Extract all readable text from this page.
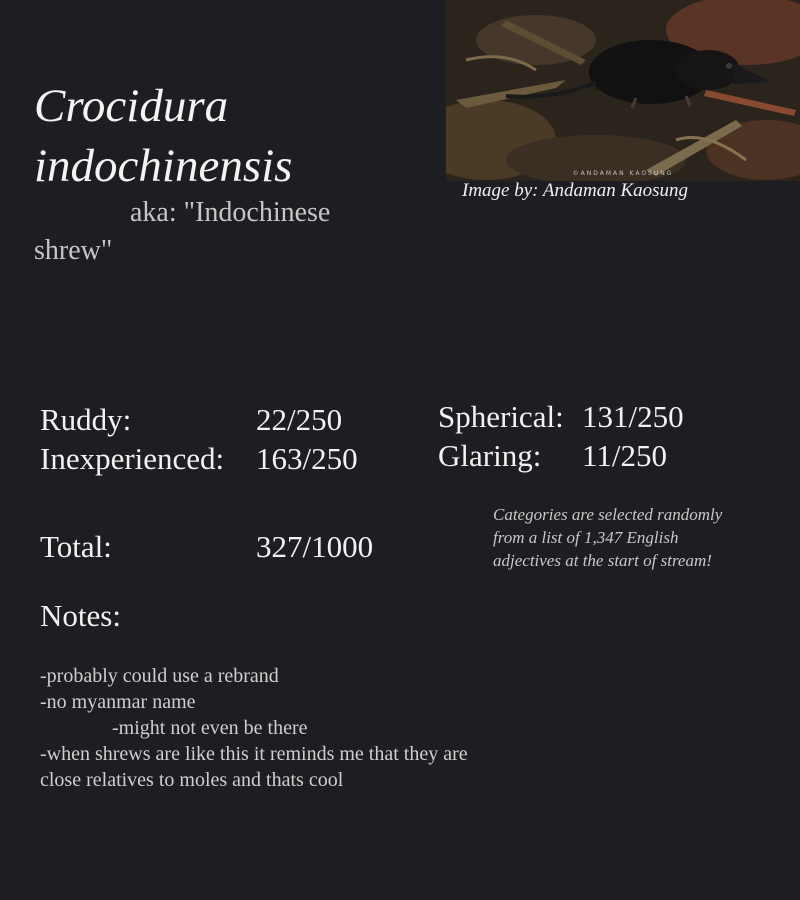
Crocidura
indochinensis
aka: "Indochinese shrew"
©ANDAMAN KAOSUNG
Image by: Andaman Kaosung
Ruddy:	22/250
Inexperienced: 163/250
Spherical: 131/250
Glaring: 11/250
Categories are selected randomly from a list of 1,347 English adjectives at the start of stream!
Total:	327/1000
Notes:
-probably could use a rebrand
-no myanmar name
-might not even be there
-when shrews are like this it reminds me that they are
close relatives to moles and thats cool
